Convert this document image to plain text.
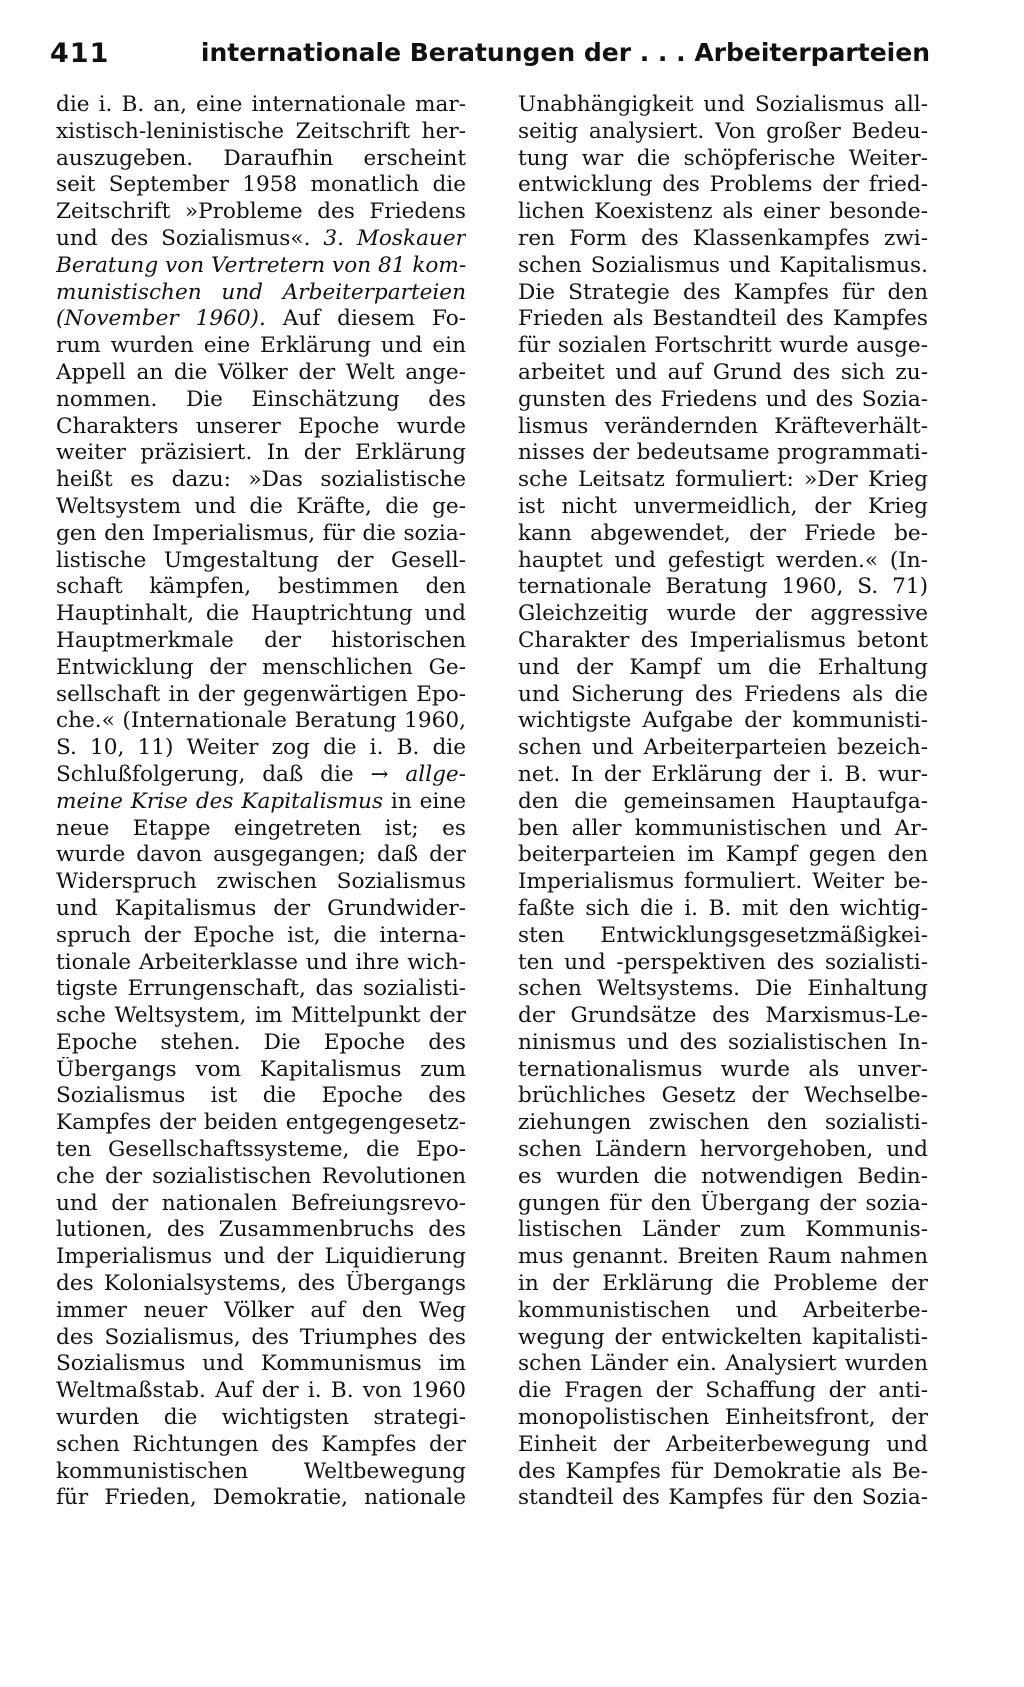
411	internationale Beratungen der . . . Arbeiterparteien
die i. B. an, eine internationale mar-
xistisch-leninistische Zeitschrift her-
auszugeben. Daraufhin erscheint
seit September 1958 monatlich die
Zeitschrift »Probleme des Friedens
und des Sozialismus«. 3. Moskauer
Beratung von Vertretern von 81 kom-
munistischen und Arbeiterparteien
(November 1960). Auf diesem Fo-
rum wurden eine Erklärung und ein
Appell an die Völker der Welt ange-
nommen. Die Einschätzung des
Charakters unserer Epoche wurde
weiter präzisiert. In der Erklärung
heißt es dazu: »Das sozialistische
Weltsystem und die Kräfte, die ge-
gen den Imperialismus, für die sozia-
listische Umgestaltung der Gesell-
schaft kämpfen, bestimmen den
Hauptinhalt, die Hauptrichtung und
Hauptmerkmale der historischen
Entwicklung der menschlichen Ge-
sellschaft in der gegenwärtigen Epo-
che.« (Internationale Beratung 1960,
S. 10, 11) Weiter zog die i. B. die
Schlußfolgerung, daß die → allge-
meine Krise des Kapitalismus in eine
neue Etappe eingetreten ist; es
wurde davon ausgegangen; daß der
Widerspruch zwischen Sozialismus
und Kapitalismus der Grundwider-
spruch der Epoche ist, die interna-
tionale Arbeiterklasse und ihre wich-
tigste Errungenschaft, das sozialisti-
sche Weltsystem, im Mittelpunkt der
Epoche stehen. Die Epoche des
Übergangs vom Kapitalismus zum
Sozialismus ist die Epoche des
Kampfes der beiden entgegengesetz-
ten Gesellschaftssysteme, die Epo-
che der sozialistischen Revolutionen
und der nationalen Befreiungsrevo-
lutionen, des Zusammenbruchs des
Imperialismus und der Liquidierung
des Kolonialsystems, des Übergangs
immer neuer Völker auf den Weg
des Sozialismus, des Triumphes des
Sozialismus und Kommunismus im
Weltmaßstab. Auf der i. B. von 1960
wurden die wichtigsten strategi-
schen Richtungen des Kampfes der
kommunistischen Weltbewegung
für Frieden, Demokratie, nationale
Unabhängigkeit und Sozialismus all-
seitig analysiert. Von großer Bedeu-
tung war die schöpferische Weiter-
entwicklung des Problems der fried-
lichen Koexistenz als einer besonde-
ren Form des Klassenkampfes zwi-
schen Sozialismus und Kapitalismus.
Die Strategie des Kampfes für den
Frieden als Bestandteil des Kampfes
für sozialen Fortschritt wurde ausge-
arbeitet und auf Grund des sich zu-
gunsten des Friedens und des Sozia-
lismus verändernden Kräfteverhält-
nisses der bedeutsame programmati-
sche Leitsatz formuliert: »Der Krieg
ist nicht unvermeidlich, der Krieg
kann abgewendet, der Friede be-
hauptet und gefestigt werden.« (In-
ternationale Beratung 1960, S. 71)
Gleichzeitig wurde der aggressive
Charakter des Imperialismus betont
und der Kampf um die Erhaltung
und Sicherung des Friedens als die
wichtigste Aufgabe der kommunisti-
schen und Arbeiterparteien bezeich-
net. In der Erklärung der i. B. wur-
den die gemeinsamen Hauptaufga-
ben aller kommunistischen und Ar-
beiterparteien im Kampf gegen den
Imperialismus formuliert. Weiter be-
faßte sich die i. B. mit den wichtig-
sten Entwicklungsgesetzmäßigkei-
ten und -perspektiven des sozialisti-
schen Weltsystems. Die Einhaltung
der Grundsätze des Marxismus-Le-
ninismus und des sozialistischen In-
ternationalismus wurde als unver-
brüchliches Gesetz der Wechselbe-
ziehungen zwischen den sozialisti-
schen Ländern hervorgehoben, und
es wurden die notwendigen Bedin-
gungen für den Übergang der sozia-
listischen Länder zum Kommunis-
mus genannt. Breiten Raum nahmen
in der Erklärung die Probleme der
kommunistischen und Arbeiterbe-
wegung der entwickelten kapitalisti-
schen Länder ein. Analysiert wurden
die Fragen der Schaffung der anti-
monopolistischen Einheitsfront, der
Einheit der Arbeiterbewegung und
des Kampfes für Demokratie als Be-
standteil des Kampfes für den Sozia-
